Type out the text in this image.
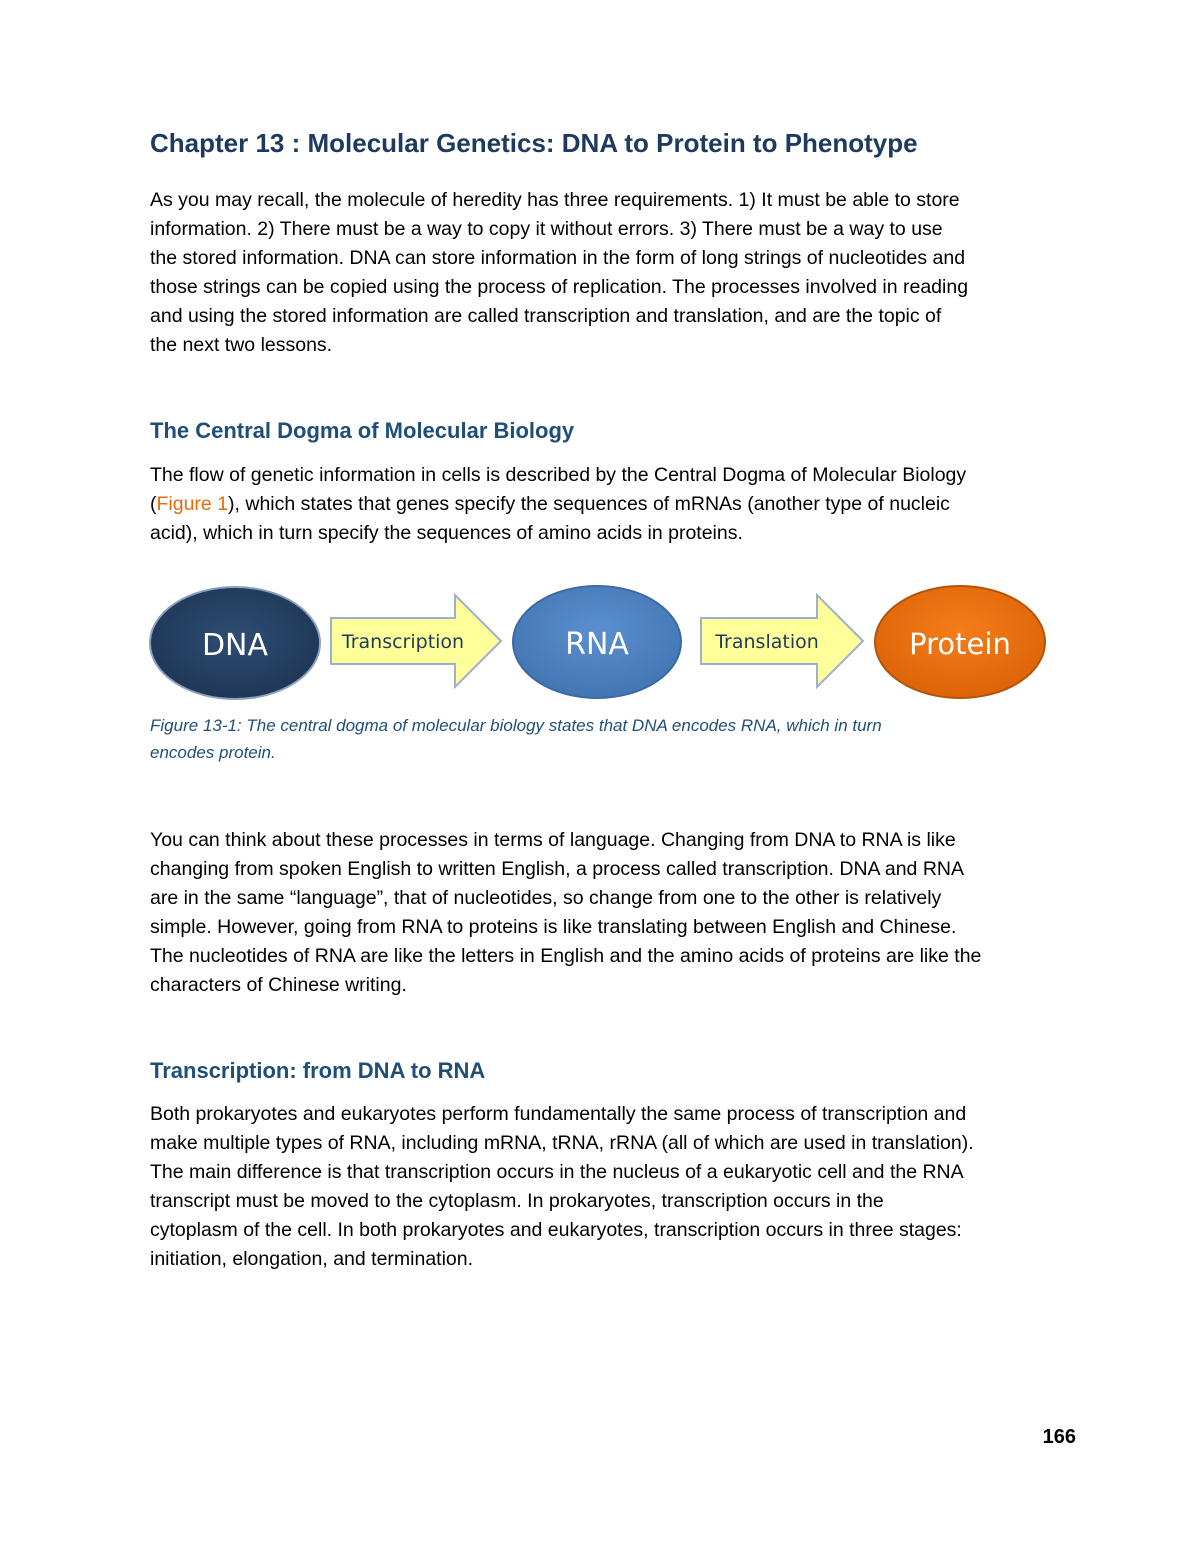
Chapter 13 : Molecular Genetics: DNA to Protein to Phenotype

As you may recall, the molecule of heredity has three requirements. 1) It must be able to store
information. 2) There must be a way to copy it without errors. 3) There must be a way to use
the stored information. DNA can store information in the form of long strings of nucleotides and
those strings can be copied using the process of replication. The processes involved in reading
and using the stored information are called transcription and translation, and are the topic of
the next two lessons.

The Central Dogma of Molecular Biology

The flow of genetic information in cells is described by the Central Dogma of Molecular Biology
(Figure 1), which states that genes specify the sequences of mRNAs (another type of nucleic
acid), which in turn specify the sequences of amino acids in proteins.

DNA	Transcription	RNA	Translation	Protein

Figure 13-1: The central dogma of molecular biology states that DNA encodes RNA, which in turn
encodes protein.

You can think about these processes in terms of language. Changing from DNA to RNA is like
changing from spoken English to written English, a process called transcription. DNA and RNA
are in the same “language”, that of nucleotides, so change from one to the other is relatively
simple. However, going from RNA to proteins is like translating between English and Chinese.
The nucleotides of RNA are like the letters in English and the amino acids of proteins are like the
characters of Chinese writing.

Transcription: from DNA to RNA

Both prokaryotes and eukaryotes perform fundamentally the same process of transcription and
make multiple types of RNA, including mRNA, tRNA, rRNA (all of which are used in translation).
The main difference is that transcription occurs in the nucleus of a eukaryotic cell and the RNA
transcript must be moved to the cytoplasm. In prokaryotes, transcription occurs in the
cytoplasm of the cell. In both prokaryotes and eukaryotes, transcription occurs in three stages:
initiation, elongation, and termination.

166
